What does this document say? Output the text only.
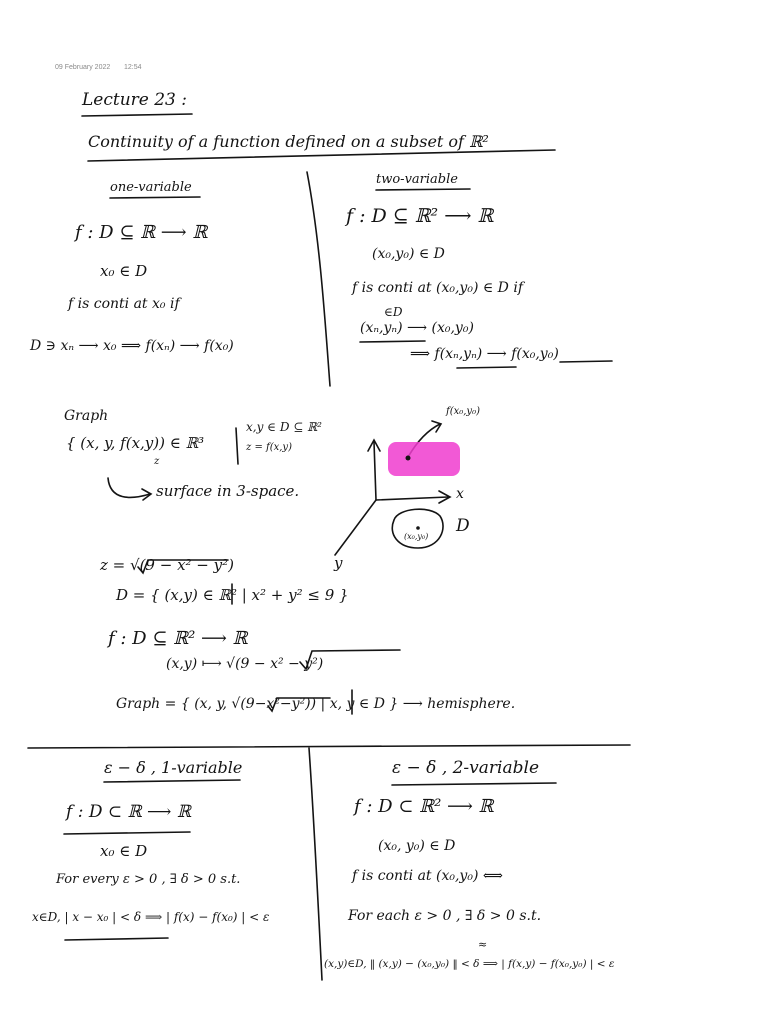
09 February 2022 12:54
Lecture 23 :
Continuity of a function defined on a subset of ℝ²
one-variable
f : D ⊆ ℝ ⟶ ℝ
x₀ ∈ D
f is conti at x₀ if
D ∋ xₙ ⟶ x₀ ⟹ f(xₙ) ⟶ f(x₀)
two-variable
f : D ⊆ ℝ² ⟶ ℝ
(x₀,y₀) ∈ D
f is conti at (x₀,y₀) ∈ D if
∈D
(xₙ,yₙ) ⟶ (x₀,y₀)
⟹ f(xₙ,yₙ) ⟶ f(x₀,y₀)
Graph
{ (x, y, f(x,y)) ∈ ℝ³
z
x,y ∈ D ⊆ ℝ²
z = f(x,y)
surface in 3-space.
f(x₀,y₀)
x
y
D
(x₀,y₀)
z = √(9 − x² − y²)
D = { (x,y) ∈ ℝ² | x² + y² ≤ 9 }
f : D ⊆ ℝ² ⟶ ℝ
(x,y) ⟼ √(9 − x² − y²)
Graph = { (x, y, √(9−x²−y²)) | x, y ∈ D } ⟶ hemisphere.
ε − δ , 1-variable
f : D ⊂ ℝ ⟶ ℝ
x₀ ∈ D
For every ε > 0 , ∃ δ > 0 s.t.
x∈D, | x − x₀ | < δ ⟹ | f(x) − f(x₀) | < ε
ε − δ , 2-variable
f : D ⊂ ℝ² ⟶ ℝ
(x₀, y₀) ∈ D
f is conti at (x₀,y₀) ⟺
For each ε > 0 , ∃ δ > 0 s.t.
≈
(x,y)∈D, ‖ (x,y) − (x₀,y₀) ‖ < δ ⟹ | f(x,y) − f(x₀,y₀) | < ε
